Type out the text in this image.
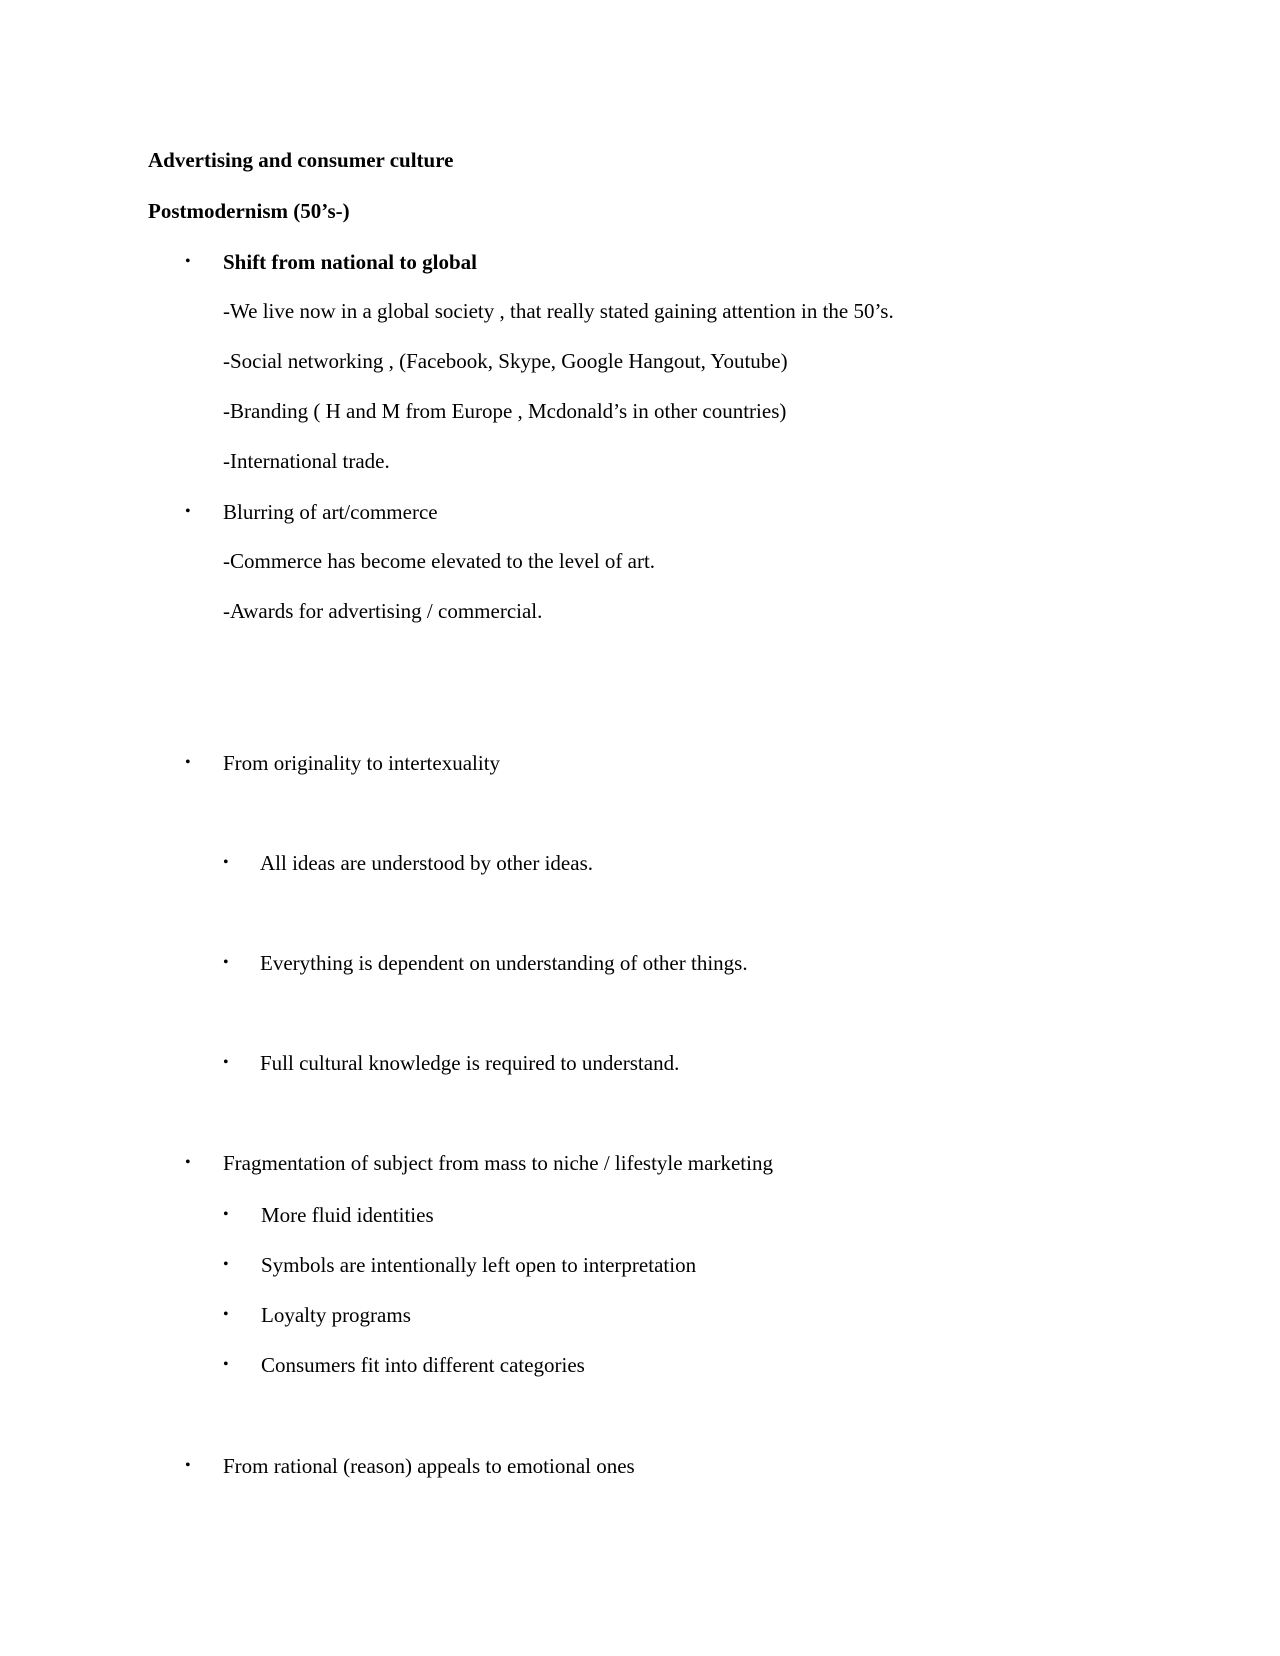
Advertising and consumer culture
Postmodernism (50’s-)
• Shift from national to global
-We live now in a global society , that really stated gaining attention in the 50’s.
-Social networking , (Facebook, Skype, Google Hangout, Youtube)
-Branding ( H and M from Europe , Mcdonald’s in other countries)
-International trade.
• Blurring of art/commerce
-Commerce has become elevated to the level of art.
-Awards for advertising / commercial.
• From originality to intertexuality
• All ideas are understood by other ideas.
• Everything is dependent on understanding of other things.
• Full cultural knowledge is required to understand.
• Fragmentation of subject from mass to niche / lifestyle marketing
• More fluid identities
• Symbols are intentionally left open to interpretation
• Loyalty programs
• Consumers fit into different categories
• From rational (reason) appeals to emotional ones
